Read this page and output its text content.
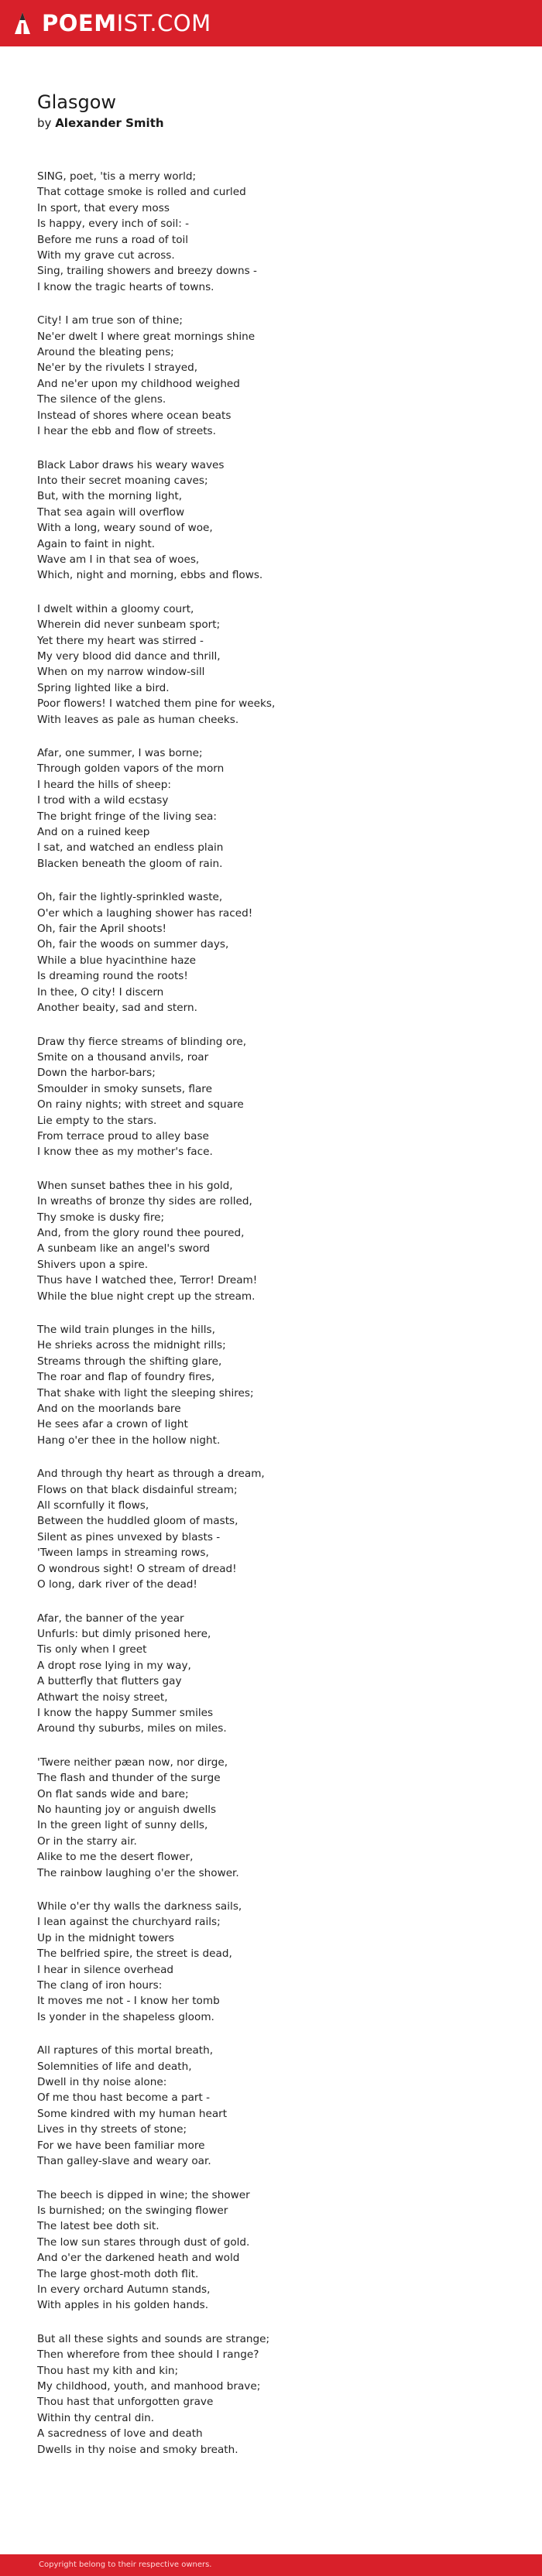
POEMIST.COM
Glasgow
by Alexander Smith
SING, poet, 'tis a merry world;
That cottage smoke is rolled and curled
In sport, that every moss
Is happy, every inch of soil: -
Before me runs a road of toil
With my grave cut across.
Sing, trailing showers and breezy downs -
I know the tragic hearts of towns.
City! I am true son of thine;
Ne'er dwelt I where great mornings shine
Around the bleating pens;
Ne'er by the rivulets I strayed,
And ne'er upon my childhood weighed
The silence of the glens.
Instead of shores where ocean beats
I hear the ebb and flow of streets.
Black Labor draws his weary waves
Into their secret moaning caves;
But, with the morning light,
That sea again will overflow
With a long, weary sound of woe,
Again to faint in night.
Wave am I in that sea of woes,
Which, night and morning, ebbs and flows.
I dwelt within a gloomy court,
Wherein did never sunbeam sport;
Yet there my heart was stirred -
My very blood did dance and thrill,
When on my narrow window-sill
Spring lighted like a bird.
Poor flowers! I watched them pine for weeks,
With leaves as pale as human cheeks.
Afar, one summer, I was borne;
Through golden vapors of the morn
I heard the hills of sheep:
I trod with a wild ecstasy
The bright fringe of the living sea:
And on a ruined keep
I sat, and watched an endless plain
Blacken beneath the gloom of rain.
Oh, fair the lightly-sprinkled waste,
O'er which a laughing shower has raced!
Oh, fair the April shoots!
Oh, fair the woods on summer days,
While a blue hyacinthine haze
Is dreaming round the roots!
In thee, O city! I discern
Another beaity, sad and stern.
Draw thy fierce streams of blinding ore,
Smite on a thousand anvils, roar
Down the harbor-bars;
Smoulder in smoky sunsets, flare
On rainy nights; with street and square
Lie empty to the stars.
From terrace proud to alley base
I know thee as my mother's face.
When sunset bathes thee in his gold,
In wreaths of bronze thy sides are rolled,
Thy smoke is dusky fire;
And, from the glory round thee poured,
A sunbeam like an angel's sword
Shivers upon a spire.
Thus have I watched thee, Terror! Dream!
While the blue night crept up the stream.
The wild train plunges in the hills,
He shrieks across the midnight rills;
Streams through the shifting glare,
The roar and flap of foundry fires,
That shake with light the sleeping shires;
And on the moorlands bare
He sees afar a crown of light
Hang o'er thee in the hollow night.
And through thy heart as through a dream,
Flows on that black disdainful stream;
All scornfully it flows,
Between the huddled gloom of masts,
Silent as pines unvexed by blasts -
'Tween lamps in streaming rows,
O wondrous sight! O stream of dread!
O long, dark river of the dead!
Afar, the banner of the year
Unfurls: but dimly prisoned here,
Tis only when I greet
A dropt rose lying in my way,
A butterfly that flutters gay
Athwart the noisy street,
I know the happy Summer smiles
Around thy suburbs, miles on miles.
'Twere neither pæan now, nor dirge,
The flash and thunder of the surge
On flat sands wide and bare;
No haunting joy or anguish dwells
In the green light of sunny dells,
Or in the starry air.
Alike to me the desert flower,
The rainbow laughing o'er the shower.
While o'er thy walls the darkness sails,
I lean against the churchyard rails;
Up in the midnight towers
The belfried spire, the street is dead,
I hear in silence overhead
The clang of iron hours:
It moves me not - I know her tomb
Is yonder in the shapeless gloom.
All raptures of this mortal breath,
Solemnities of life and death,
Dwell in thy noise alone:
Of me thou hast become a part -
Some kindred with my human heart
Lives in thy streets of stone;
For we have been familiar more
Than galley-slave and weary oar.
The beech is dipped in wine; the shower
Is burnished; on the swinging flower
The latest bee doth sit.
The low sun stares through dust of gold.
And o'er the darkened heath and wold
The large ghost-moth doth flit.
In every orchard Autumn stands,
With apples in his golden hands.
But all these sights and sounds are strange;
Then wherefore from thee should I range?
Thou hast my kith and kin;
My childhood, youth, and manhood brave;
Thou hast that unforgotten grave
Within thy central din.
A sacredness of love and death
Dwells in thy noise and smoky breath.
Copyright belong to their respective owners.
